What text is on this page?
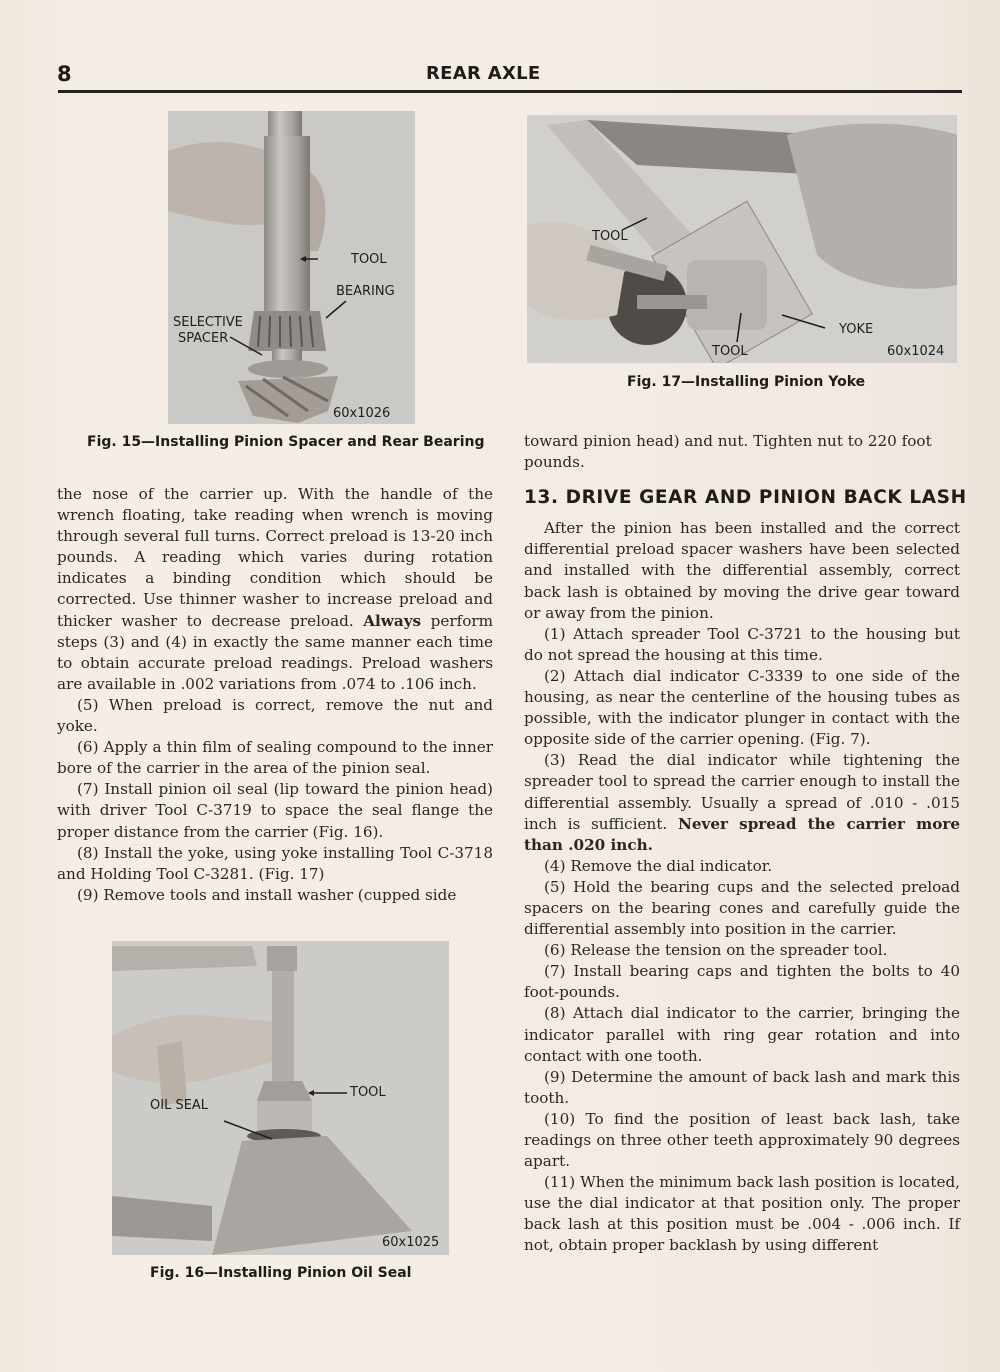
8	REAR AXLE
TOOL
BEARING
SELECTIVE
SPACER
60x1026
Fig. 15—Installing Pinion Spacer and Rear Bearing
TOOL
YOKE
TOOL	60x1024
Fig. 17—Installing Pinion Yoke

the nose of the carrier up. With the handle of the wrench floating, take reading when wrench is moving through several full turns. Correct preload is 13-20 inch pounds. A reading which varies during rotation indicates a binding condition which should be corrected. Use thinner washer to increase preload and thicker washer to decrease preload. Always perform steps (3) and (4) in exactly the same manner each time to obtain accurate preload readings. Preload washers are available in .002 variations from .074 to .106 inch.

(5) When preload is correct, remove the nut and yoke.

(6) Apply a thin film of sealing compound to the inner bore of the carrier in the area of the pinion seal.

(7) Install pinion oil seal (lip toward the pinion head) with driver Tool C-3719 to space the seal flange the proper distance from the carrier (Fig. 16).

(8) Install the yoke, using yoke installing Tool C-3718 and Holding Tool C-3281. (Fig. 17)

(9) Remove tools and install washer (cupped side

TOOL
OIL SEAL
60x1025
Fig. 16—Installing Pinion Oil Seal

toward pinion head) and nut. Tighten nut to 220 foot pounds.

13. DRIVE GEAR AND PINION BACK LASH

After the pinion has been installed and the correct differential preload spacer washers have been selected and installed with the differential assembly, correct back lash is obtained by moving the drive gear toward or away from the pinion.

(1) Attach spreader Tool C-3721 to the housing but do not spread the housing at this time.

(2) Attach dial indicator C-3339 to one side of the housing, as near the centerline of the housing tubes as possible, with the indicator plunger in contact with the opposite side of the carrier opening. (Fig. 7).

(3) Read the dial indicator while tightening the spreader tool to spread the carrier enough to install the differential assembly. Usually a spread of .010 - .015 inch is sufficient. Never spread the carrier more than .020 inch.

(4) Remove the dial indicator.

(5) Hold the bearing cups and the selected preload spacers on the bearing cones and carefully guide the differential assembly into position in the carrier.

(6) Release the tension on the spreader tool.

(7) Install bearing caps and tighten the bolts to 40 foot-pounds.

(8) Attach dial indicator to the carrier, bringing the indicator parallel with ring gear rotation and into contact with one tooth.

(9) Determine the amount of back lash and mark this tooth.

(10) To find the position of least back lash, take readings on three other teeth approximately 90 degrees apart.

(11) When the minimum back lash position is located, use the dial indicator at that position only. The proper back lash at this position must be .004 - .006 inch. If not, obtain proper backlash by using different
